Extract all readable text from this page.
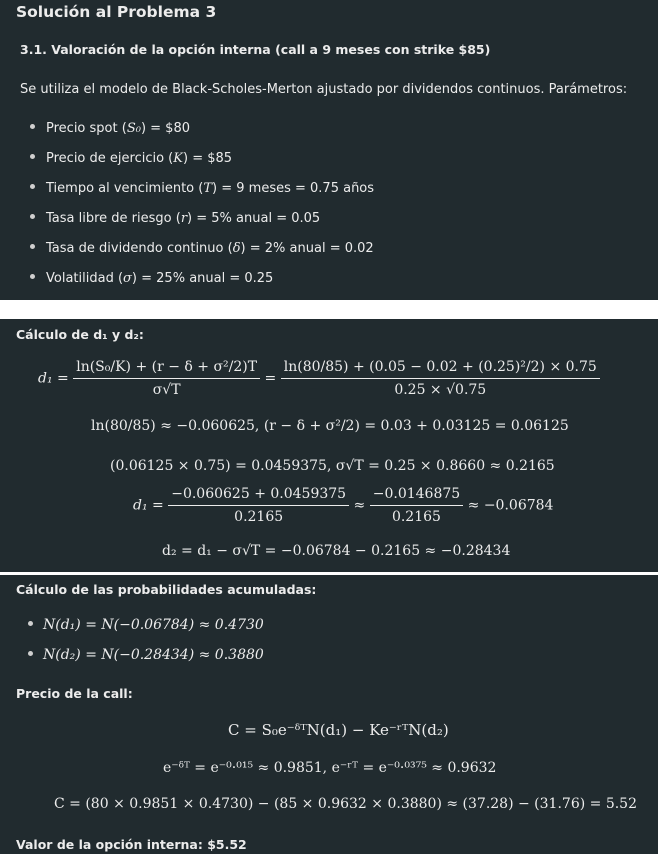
Solución al Problema 3
3.1. Valoración de la opción interna (call a 9 meses con strike $85)
Se utiliza el modelo de Black-Scholes-Merton ajustado por dividendos continuos. Parámetros:
Precio spot (S₀) = $80
Precio de ejercicio (K) = $85
Tiempo al vencimiento (T) = 9 meses = 0.75 años
Tasa libre de riesgo (r) = 5% anual = 0.05
Tasa de dividendo continuo (δ) = 2% anual = 0.02
Volatilidad (σ) = 25% anual = 0.25
Cálculo de d₁ y d₂:
$d_1 = \frac{\text{ln(S₀/K) + (r − δ + σ²/2)T}}{\sigma√T} = \frac{\text{ln(80/85) + (0.05 − 0.02 + (0.25)²/2) × 0.75}}{0.25 \times √0.75}$
ln(80/85) ≈ −0.060625, (r − δ + σ²/2) = 0.03 + 0.03125 = 0.06125
(0.06125 × 0.75) = 0.0459375, σ√T = 0.25 × 0.8660 ≈ 0.2165
$d_1 = \frac{-0.060625 + 0.0459375}{0.2165} \approx \frac{-0.0146875}{0.2165} \approx -0.06784$
d₂ = d₁ − σ√T = −0.06784 − 0.2165 ≈ −0.28434
Cálculo de las probabilidades acumuladas:
N(d₁) = N(−0.06784) ≈ 0.4730
N(d₂) = N(−0.28434) ≈ 0.3880
Precio de la call:
C = S₀e⁻ᵟᵀN(d₁) − Ke⁻ʳᵀN(d₂)
e⁻ᵟᵀ = e⁻⁰·⁰¹⁵ ≈ 0.9851, e⁻ʳᵀ = e⁻⁰·⁰³⁷⁵ ≈ 0.9632
C = (80 × 0.9851 × 0.4730) − (85 × 0.9632 × 0.3880) ≈ (37.28) − (31.76) = 5.52
Valor de la opción interna: $5.52
